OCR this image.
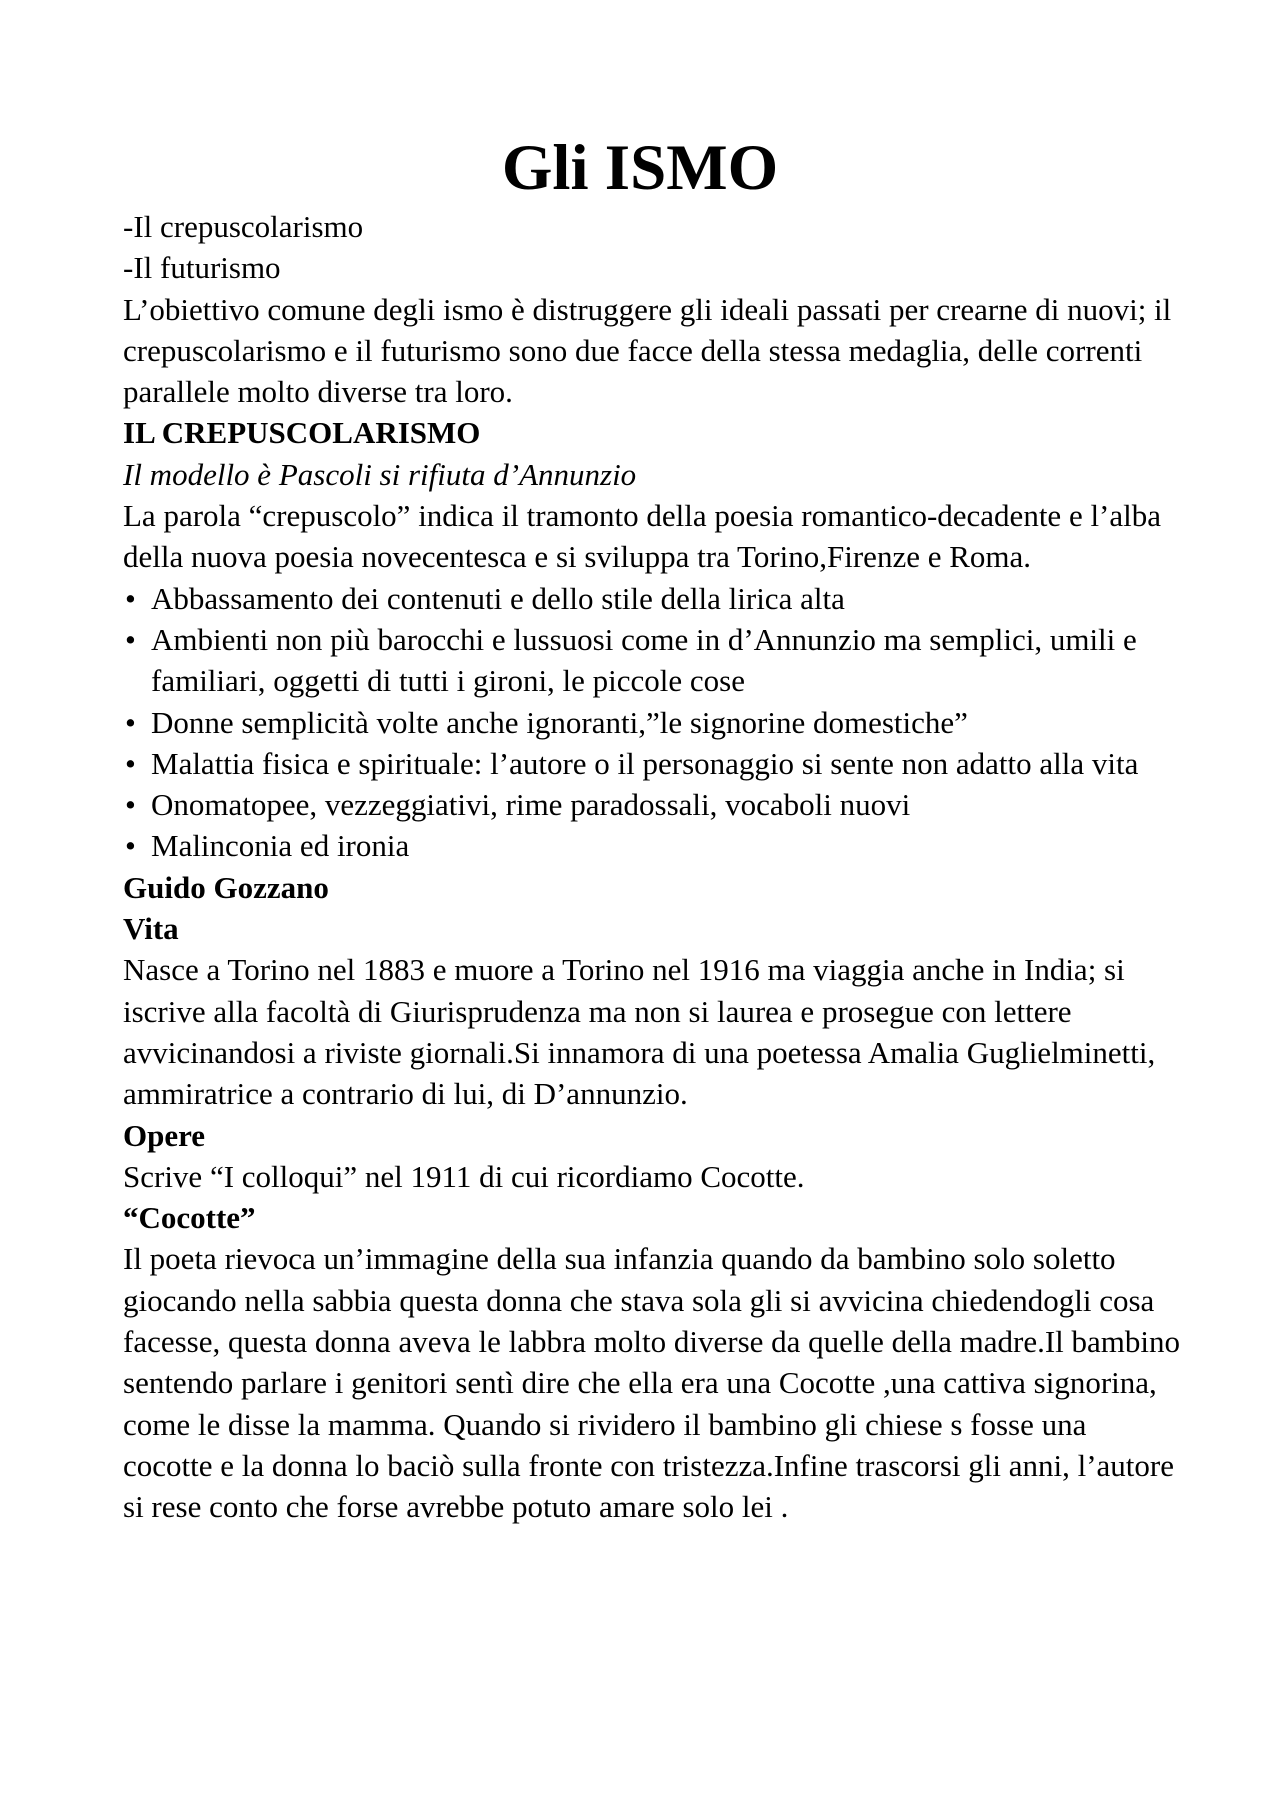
Gli ISMO

-Il crepuscolarismo

-Il futurismo

L’obiettivo comune degli ismo è distruggere gli ideali passati per crearne di nuovi; il crepuscolarismo e il futurismo sono due facce della stessa medaglia, delle correnti parallele molto diverse tra loro.

IL CREPUSCOLARISMO

Il modello è Pascoli si rifiuta d’Annunzio

La parola “crepuscolo” indica il tramonto della poesia romantico-decadente e l’alba della nuova poesia novecentesca e si sviluppa tra Torino,Firenze e Roma.

• Abbassamento dei contenuti e dello stile della lirica alta
• Ambienti non più barocchi e lussuosi come in d’Annunzio ma semplici, umili e familiari, oggetti di tutti i gironi, le piccole cose
• Donne semplicità volte anche ignoranti,”le signorine domestiche”
• Malattia fisica e spirituale: l’autore o il personaggio si sente non adatto alla vita
• Onomatopee, vezzeggiativi, rime paradossali, vocaboli nuovi
• Malinconia ed ironia

Guido Gozzano

Vita

Nasce a Torino nel 1883 e muore a Torino nel 1916 ma viaggia anche in India; si iscrive alla facoltà di Giurisprudenza ma non si laurea e prosegue con lettere avvicinandosi a riviste giornali.Si innamora di una poetessa Amalia Guglielminetti, ammiratrice a contrario di lui, di D’annunzio.

Opere

Scrive “I colloqui” nel 1911 di cui ricordiamo Cocotte.

“Cocotte”

Il poeta rievoca un’immagine della sua infanzia quando da bambino solo soletto giocando nella sabbia questa donna che stava sola gli si avvicina chiedendogli cosa facesse, questa donna aveva le labbra molto diverse da quelle della madre.Il bambino sentendo parlare i genitori sentì dire che ella era una Cocotte ,una cattiva signorina, come le disse la mamma. Quando si rividero il bambino gli chiese s fosse una cocotte e la donna lo baciò sulla fronte con tristezza.Infine trascorsi gli anni, l’autore si rese conto che forse avrebbe potuto amare solo lei .
